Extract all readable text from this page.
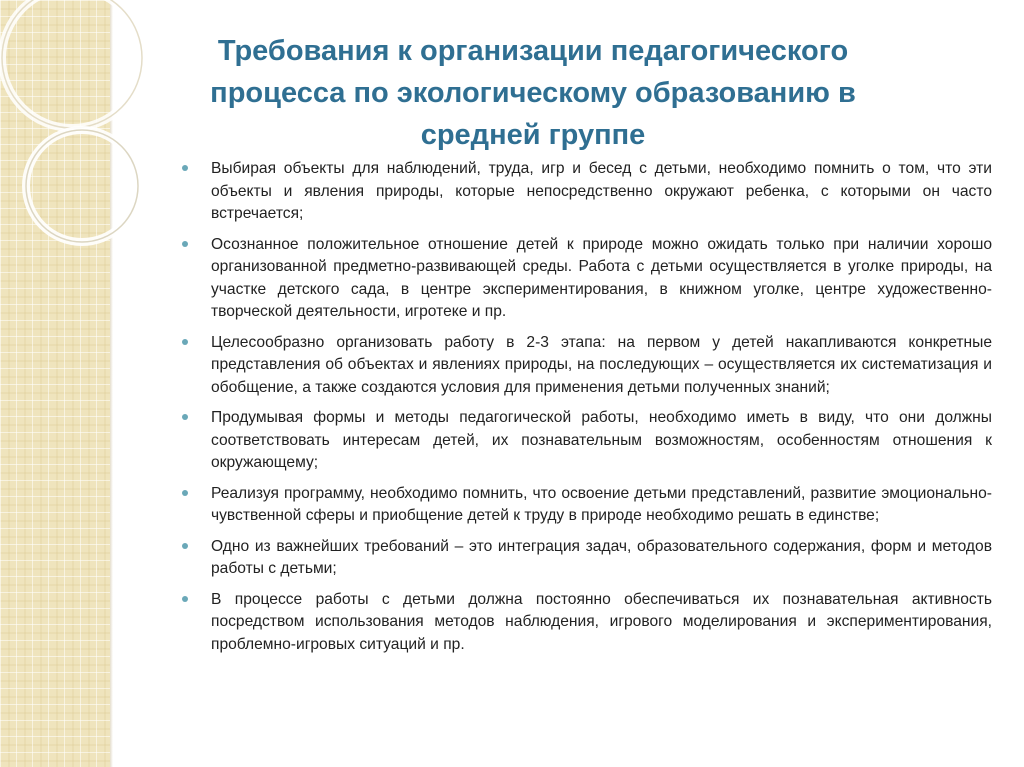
Требования к организации педагогического процесса по экологическому образованию в средней группе
Выбирая объекты для наблюдений, труда, игр и бесед с детьми, необходимо помнить о том, что эти объекты и явления природы, которые непосредственно окружают ребенка, с которыми он часто встречается;
Осознанное положительное отношение детей к природе можно ожидать только при наличии хорошо организованной предметно-развивающей среды. Работа с детьми осуществляется в уголке природы, на участке детского сада, в центре экспериментирования, в книжном уголке, центре художественно-творческой деятельности, игротеке и пр.
Целесообразно организовать работу в 2-3 этапа: на первом у детей накапливаются конкретные представления об объектах и явлениях природы, на последующих – осуществляется их систематизация и обобщение, а также создаются условия для применения детьми полученных знаний;
Продумывая формы и методы педагогической работы, необходимо иметь в виду, что они должны соответствовать интересам детей, их познавательным возможностям, особенностям отношения к окружающему;
Реализуя программу, необходимо помнить, что освоение детьми представлений, развитие эмоционально-чувственной сферы и приобщение детей к труду в природе необходимо решать в единстве;
Одно из важнейших требований – это интеграция задач, образовательного содержания, форм и методов работы с детьми;
В процессе работы с детьми должна постоянно обеспечиваться их познавательная активность посредством использования методов наблюдения, игрового моделирования и экспериментирования, проблемно-игровых ситуаций и пр.
